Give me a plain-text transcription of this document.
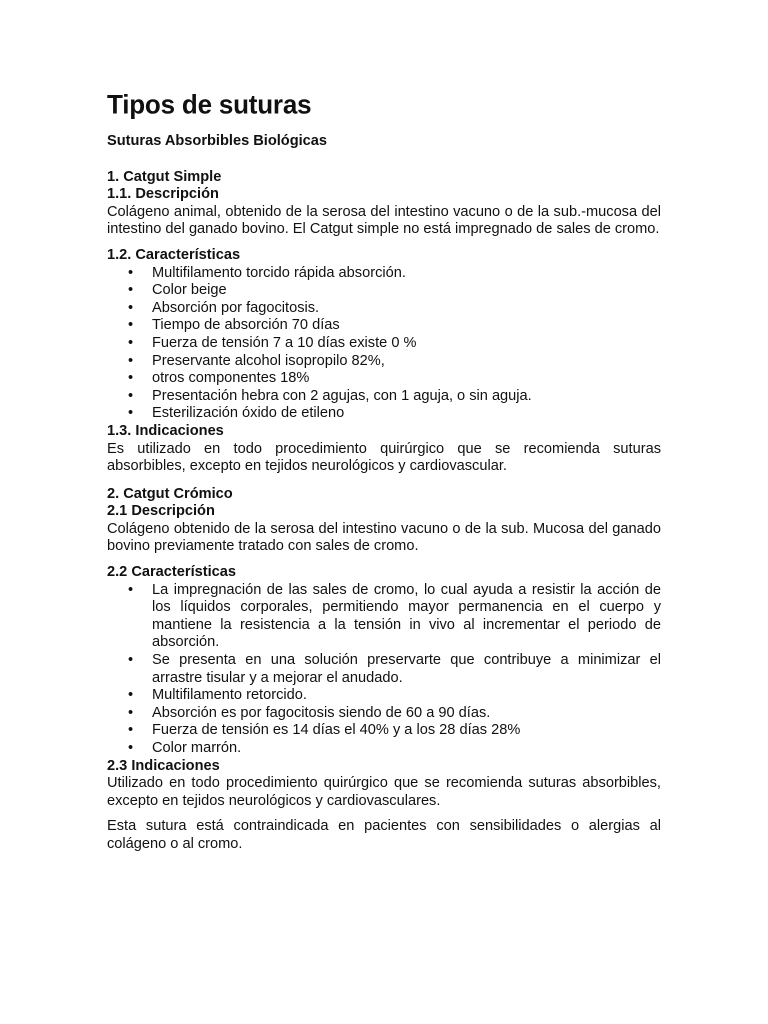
Tipos de suturas
Suturas Absorbibles Biológicas
1. Catgut Simple
1.1. Descripción

Colágeno animal, obtenido de la serosa del intestino vacuno o de la sub.-mucosa del intestino del ganado bovino. El Catgut simple no está impregnado de sales de cromo.

1.2. Características
• Multifilamento torcido rápida absorción.
• Color beige
• Absorción por fagocitosis.
• Tiempo de absorción 70 días
• Fuerza de tensión 7 a 10 días existe 0 %
• Preservante alcohol isopropilo 82%,
• otros componentes 18%
• Presentación hebra con 2 agujas, con 1 aguja, o sin aguja.
• Esterilización óxido de etileno
1.3. Indicaciones

Es utilizado en todo procedimiento quirúrgico que se recomienda suturas absorbibles, excepto en tejidos neurológicos y cardiovascular.

2. Catgut Crómico
2.1 Descripción

Colágeno obtenido de la serosa del intestino vacuno o de la sub. Mucosa del ganado bovino previamente tratado con sales de cromo.

2.2 Características
• La impregnación de las sales de cromo, lo cual ayuda a resistir la acción de los líquidos corporales, permitiendo mayor permanencia en el cuerpo y mantiene la resistencia a la tensión in vivo al incrementar el periodo de absorción.
• Se presenta en una solución preservarte que contribuye a minimizar el arrastre tisular y a mejorar el anudado.
• Multifilamento retorcido.
• Absorción es por fagocitosis siendo de 60 a 90 días.
• Fuerza de tensión es 14 días el 40% y a los 28 días 28%
• Color marrón.
2.3 Indicaciones

Utilizado en todo procedimiento quirúrgico que se recomienda suturas absorbibles, excepto en tejidos neurológicos y cardiovasculares.

Esta sutura está contraindicada en pacientes con sensibilidades o alergias al colágeno o al cromo.
